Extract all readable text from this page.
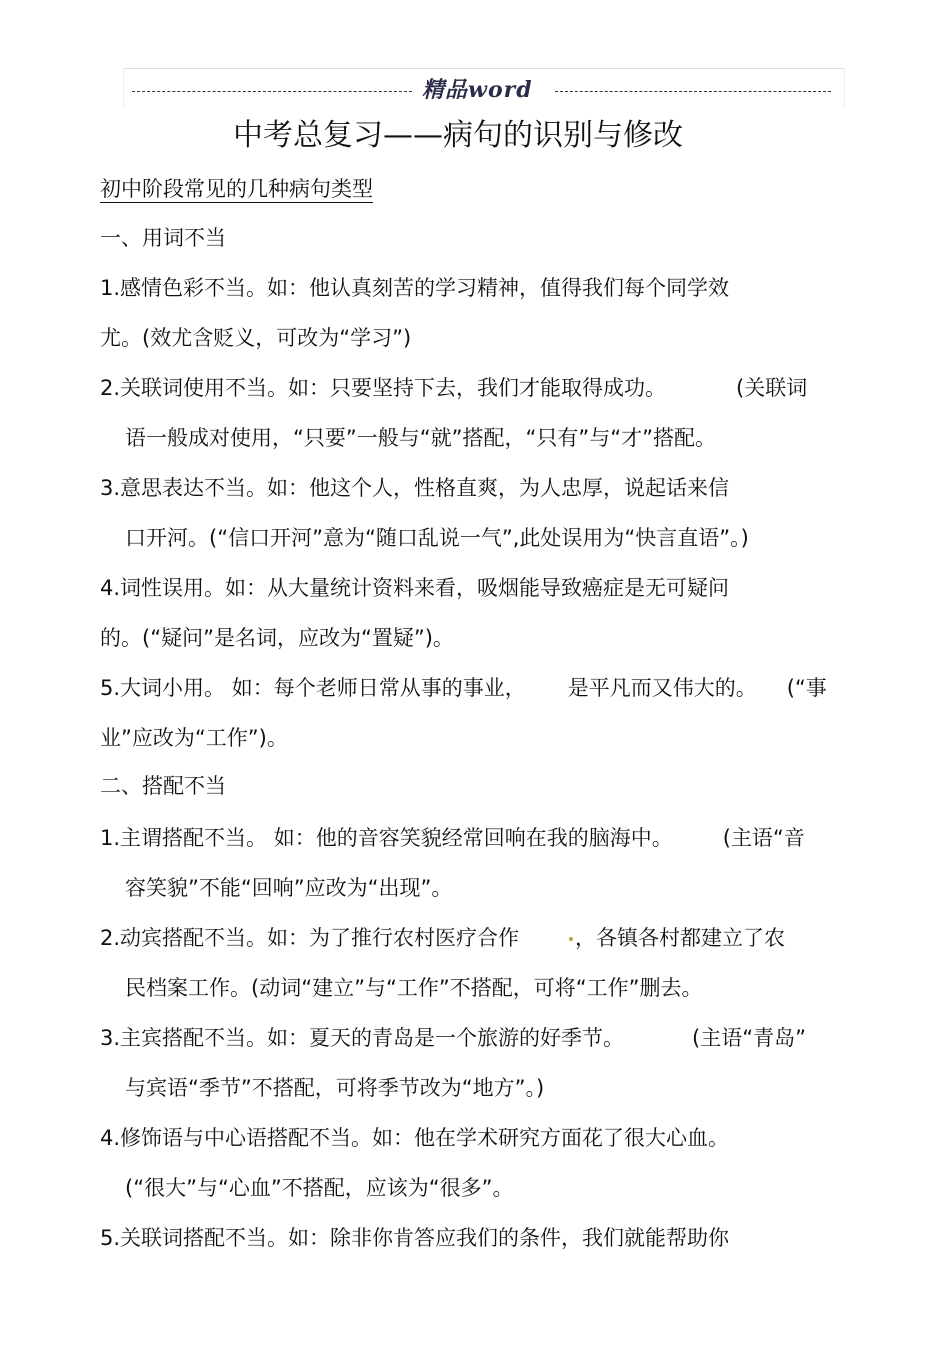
精品word
中考总复习——病句的识别与修改
初中阶段常见的几种病句类型
一、用词不当
1.感情色彩不当。如：他认真刻苦的学习精神，值得我们每个同学效
尤。(效尤含贬义，可改为“学习”)
2.关联词使用不当。如：只要坚持下去，我们才能取得成功。	(关联词
语一般成对使用，“只要”一般与“就”搭配，“只有”与“才”搭配。
3.意思表达不当。如：他这个人，性格直爽，为人忠厚，说起话来信
口开河。(“信口开河”意为“随口乱说一气”,此处误用为“快言直语”。)
4.词性误用。如：从大量统计资料来看，吸烟能导致癌症是无可疑问
的。(“疑问”是名词，应改为“置疑”)。
5.大词小用。 如：每个老师日常从事的事业， 是平凡而又伟大的。 (“事
业”应改为“工作”)。
二、搭配不当
1.主谓搭配不当。 如：他的音容笑貌经常回响在我的脑海中。 (主语“音
容笑貌”不能“回响”应改为“出现”。
2.动宾搭配不当。如：为了推行农村医疗合作	，各镇各村都建立了农
民档案工作。(动词“建立”与“工作”不搭配，可将“工作”删去。
3.主宾搭配不当。如：夏天的青岛是一个旅游的好季节。	(主语“青岛”
与宾语“季节”不搭配，可将季节改为“地方”。)
4.修饰语与中心语搭配不当。如：他在学术研究方面花了很大心血。
(“很大”与“心血”不搭配，应该为“很多”。
5.关联词搭配不当。如：除非你肯答应我们的条件，我们就能帮助你
